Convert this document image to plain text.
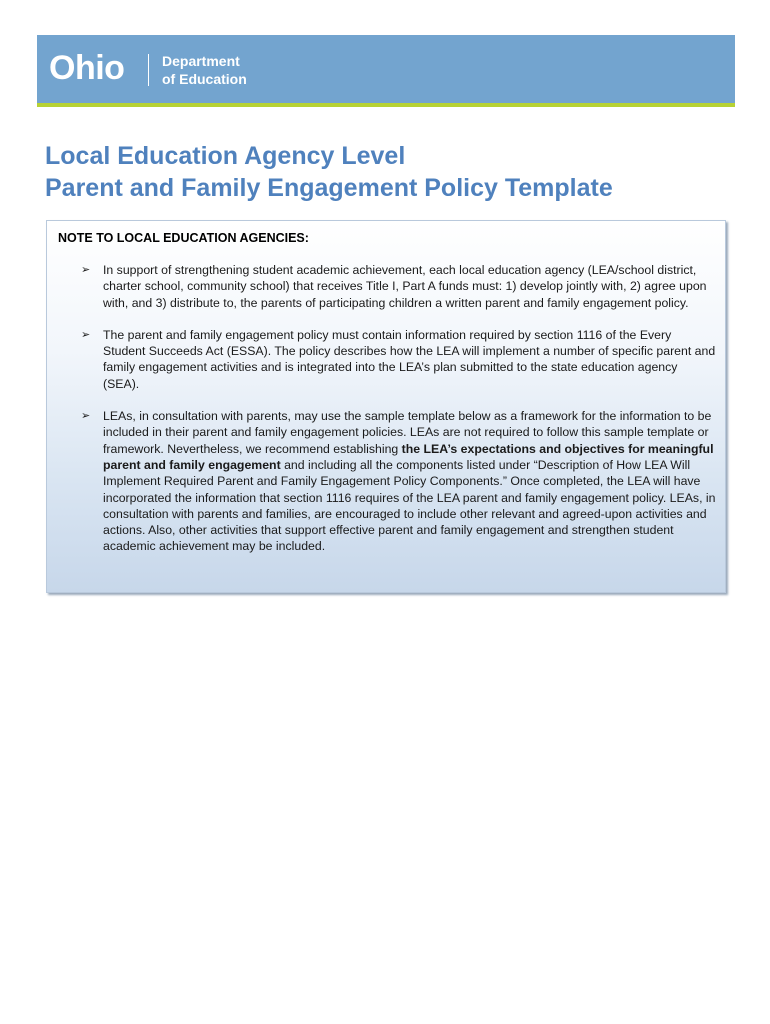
Ohio	Department
of Education
Local Education Agency Level
Parent and Family Engagement Policy Template
NOTE TO LOCAL EDUCATION AGENCIES:
➢ In support of strengthening student academic achievement, each local education agency (LEA/school district, charter school, community school) that receives Title I, Part A funds must: 1) develop jointly with, 2) agree upon with, and 3) distribute to, the parents of participating children a written parent and family engagement policy.
➢ The parent and family engagement policy must contain information required by section 1116 of the Every Student Succeeds Act (ESSA). The policy describes how the LEA will implement a number of specific parent and family engagement activities and is integrated into the LEA’s plan submitted to the state education agency (SEA).
➢ LEAs, in consultation with parents, may use the sample template below as a framework for the information to be included in their parent and family engagement policies. LEAs are not required to follow this sample template or framework. Nevertheless, we recommend establishing the LEA’s expectations and objectives for meaningful parent and family engagement and including all the components listed under “Description of How LEA Will Implement Required Parent and Family Engagement Policy Components.” Once completed, the LEA will have incorporated the information that section 1116 requires of the LEA parent and family engagement policy. LEAs, in consultation with parents and families, are encouraged to include other relevant and agreed-upon activities and actions. Also, other activities that support effective parent and family engagement and strengthen student academic achievement may be included.
